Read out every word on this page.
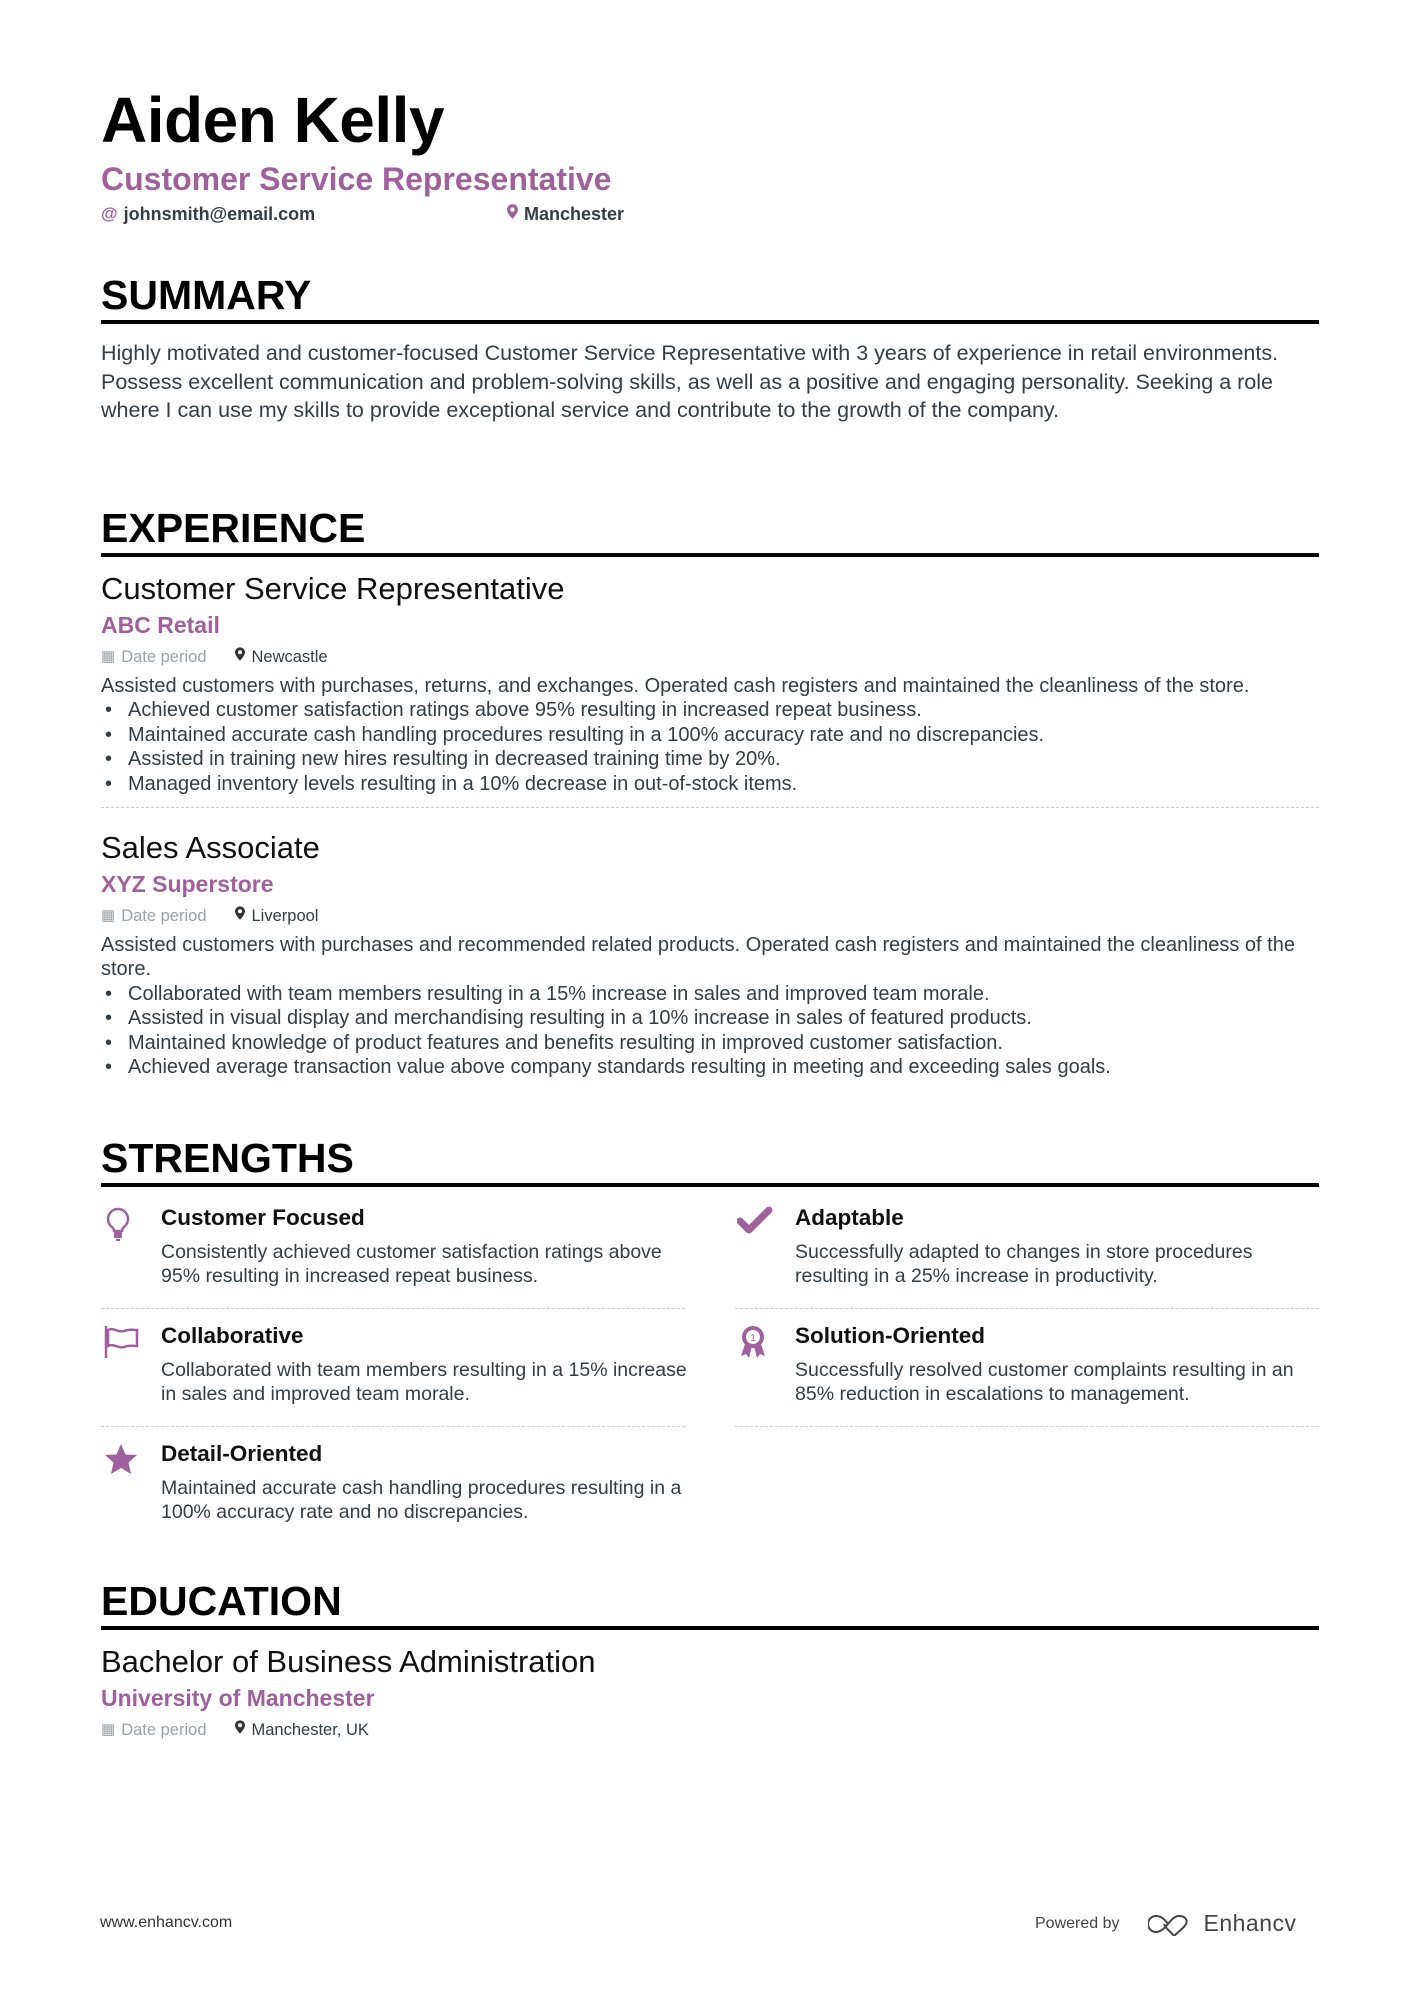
Aiden Kelly
Customer Service Representative
@ johnsmith@email.com	Manchester
SUMMARY
Highly motivated and customer-focused Customer Service Representative with 3 years of experience in retail environments. Possess excellent communication and problem-solving skills, as well as a positive and engaging personality. Seeking a role where I can use my skills to provide exceptional service and contribute to the growth of the company.
EXPERIENCE
Customer Service Representative
ABC Retail
▦ Date period	Newcastle
Assisted customers with purchases, returns, and exchanges. Operated cash registers and maintained the cleanliness of the store.
• Achieved customer satisfaction ratings above 95% resulting in increased repeat business.
• Maintained accurate cash handling procedures resulting in a 100% accuracy rate and no discrepancies.
• Assisted in training new hires resulting in decreased training time by 20%.
• Managed inventory levels resulting in a 10% decrease in out-of-stock items.
Sales Associate
XYZ Superstore
▦ Date period	Liverpool
Assisted customers with purchases and recommended related products. Operated cash registers and maintained the cleanliness of the store.
• Collaborated with team members resulting in a 15% increase in sales and improved team morale.
• Assisted in visual display and merchandising resulting in a 10% increase in sales of featured products.
• Maintained knowledge of product features and benefits resulting in improved customer satisfaction.
• Achieved average transaction value above company standards resulting in meeting and exceeding sales goals.
STRENGTHS
Customer Focused
Consistently achieved customer satisfaction ratings above 95% resulting in increased repeat business.
Adaptable
Successfully adapted to changes in store procedures resulting in a 25% increase in productivity.
Collaborative
Collaborated with team members resulting in a 15% increase in sales and improved team morale.
1 Solution-Oriented
Successfully resolved customer complaints resulting in an 85% reduction in escalations to management.
Detail-Oriented
Maintained accurate cash handling procedures resulting in a 100% accuracy rate and no discrepancies.
EDUCATION
Bachelor of Business Administration
University of Manchester
▦ Date period	Manchester, UK
www.enhancv.com	Powered by	Enhancv
